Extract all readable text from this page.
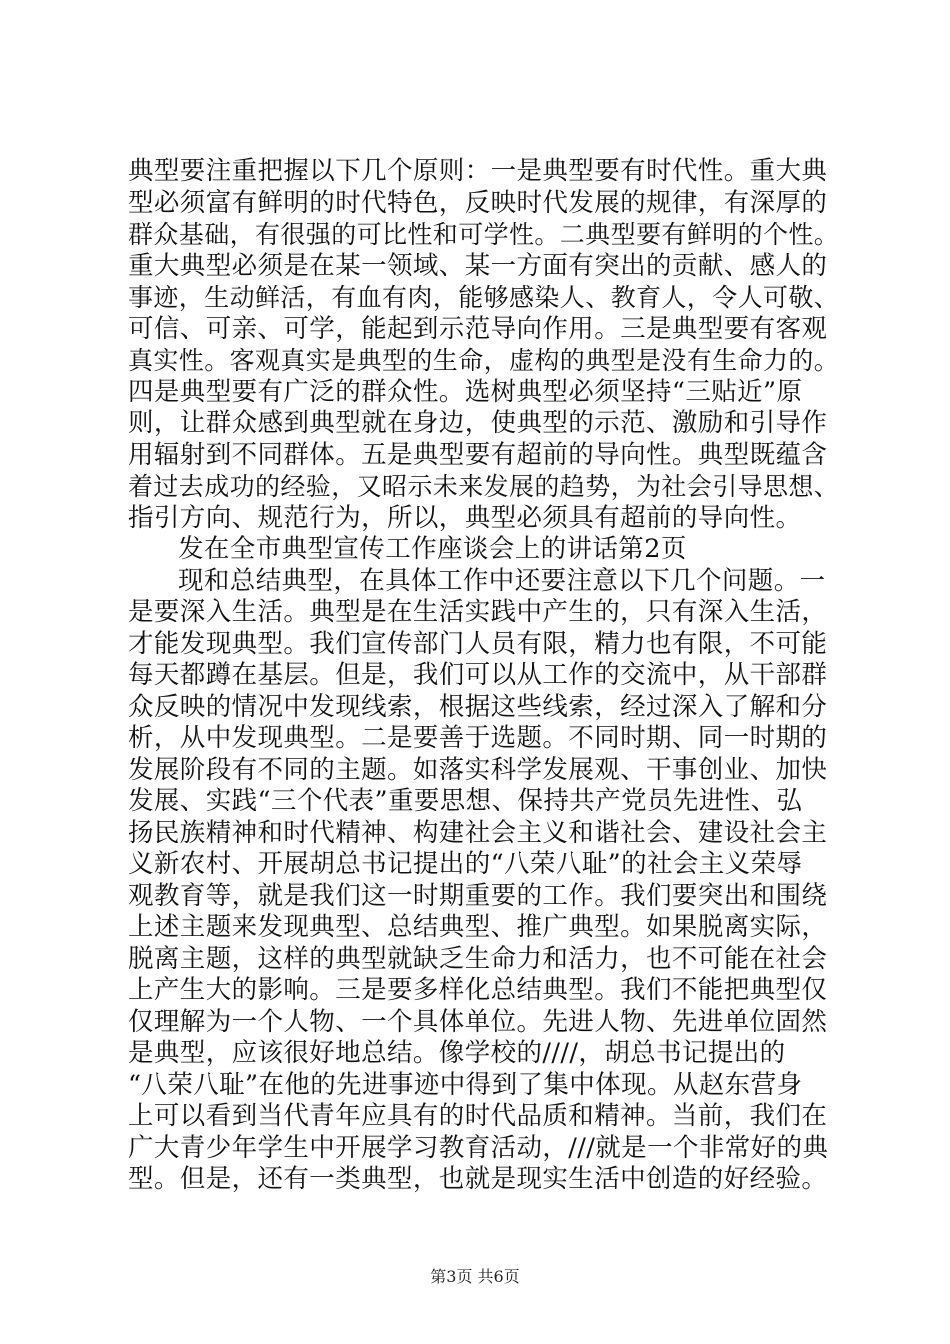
典型要注重把握以下几个原则：一是典型要有时代性。重大典
型必须富有鲜明的时代特色，反映时代发展的规律，有深厚的
群众基础，有很强的可比性和可学性。二典型要有鲜明的个性。
重大典型必须是在某一领域、某一方面有突出的贡献、感人的
事迹，生动鲜活，有血有肉，能够感染人、教育人，令人可敬、
可信、可亲、可学，能起到示范导向作用。三是典型要有客观
真实性。客观真实是典型的生命，虚构的典型是没有生命力的。
四是典型要有广泛的群众性。选树典型必须坚持“三贴近”原
则，让群众感到典型就在身边，使典型的示范、激励和引导作
用辐射到不同群体。五是典型要有超前的导向性。典型既蕴含
着过去成功的经验，又昭示未来发展的趋势，为社会引导思想、
指引方向、规范行为，所以，典型必须具有超前的导向性。
发在全市典型宣传工作座谈会上的讲话第2页
现和总结典型，在具体工作中还要注意以下几个问题。一
是要深入生活。典型是在生活实践中产生的，只有深入生活，
才能发现典型。我们宣传部门人员有限，精力也有限，不可能
每天都蹲在基层。但是，我们可以从工作的交流中，从干部群
众反映的情况中发现线索，根据这些线索，经过深入了解和分
析，从中发现典型。二是要善于选题。不同时期、同一时期的
发展阶段有不同的主题。如落实科学发展观、干事创业、加快
发展、实践“三个代表”重要思想、保持共产党员先进性、弘
扬民族精神和时代精神、构建社会主义和谐社会、建设社会主
义新农村、开展胡总书记提出的“八荣八耻”的社会主义荣辱
观教育等，就是我们这一时期重要的工作。我们要突出和围绕
上述主题来发现典型、总结典型、推广典型。如果脱离实际，
脱离主题，这样的典型就缺乏生命力和活力，也不可能在社会
上产生大的影响。三是要多样化总结典型。我们不能把典型仅
仅理解为一个人物、一个具体单位。先进人物、先进单位固然
是典型，应该很好地总结。像学校的////，胡总书记提出的
“八荣八耻”在他的先进事迹中得到了集中体现。从赵东营身
上可以看到当代青年应具有的时代品质和精神。当前，我们在
广大青少年学生中开展学习教育活动，///就是一个非常好的典
型。但是，还有一类典型，也就是现实生活中创造的好经验。
第3页 共6页
